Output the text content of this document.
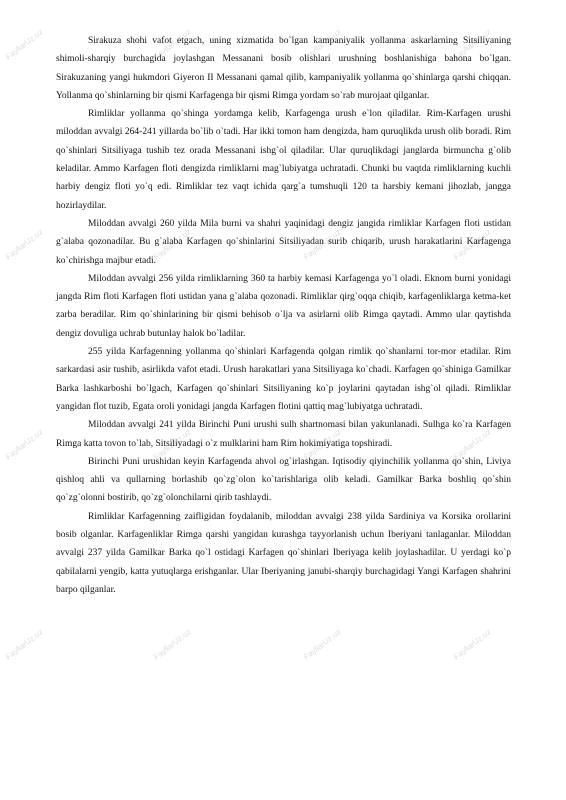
FayllarUz.uz	FayllarUz.uz	FayllarUz.uz	FayllarUz.uz
FayllarUz.uz	FayllarUz.uz	FayllarUz.uz	FayllarUz.uz
FayllarUz.uz	FayllarUz.uz	FayllarUz.uz	FayllarUz.uz
FayllarUz.uz	FayllarUz.uz	FayllarUz.uz	FayllarUz.uz

Sirakuza shohi vafot etgach, uning xizmatida bo`lgan kampaniyalik yollanma askarlarning Sitsiliyaning shimoli-sharqiy burchagida joylashgan Messanani bosib olishlari urushning boshlanishiga bahona bo`lgan. Sirakuzaning yangi hukmdori Giyeron II Messanani qamal qilib, kampaniyalik yollanma qo`shinlarga qarshi chiqqan. Yollanma qo`shinlarning bir qismi Karfagenga bir qismi Rimga yordam so`rab murojaat qilganlar.

Rimliklar yollanma qo`shinga yordamga kelib, Karfagenga urush e`lon qiladilar. Rim-Karfagen urushi miloddan avvalgi 264-241 yillarda bo`lib o`tadi. Har ikki tomon ham dengizda, ham quruqlikda urush olib boradi. Rim qo`shinlari Sitsiliyaga tushib tez orada Messanani ishg`ol qiladilar. Ular quruqlikdagi janglarda birmuncha g`olib keladilar. Ammo Karfagen floti dengizda rimliklarni mag`lubiyatga uchratadi. Chunki bu vaqtda rimliklarning kuchli harbiy dengiz floti yo`q edi. Rimliklar tez vaqt ichida qarg`a tumshuqli 120 ta harsbiy kemani jihozlab, jangga hozirlaydilar.

Miloddan avvalgi 260 yilda Mila burni va shahri yaqinidagi dengiz jangida rimliklar Karfagen floti ustidan g`alaba qozonadilar. Bu g`alaba Karfagen qo`shinlarini Sitsiliyadan surib chiqarib, urush harakatlarini Karfagenga ko`chirishga majbur etadi.

Miloddan avvalgi 256 yilda rimliklarning 360 ta harbiy kemasi Karfagenga yo`l oladi. Eknom burni yonidagi jangda Rim floti Karfagen floti ustidan yana g`alaba qozonadi. Rimliklar qirg`oqqa chiqib, karfagenliklarga ketma-ket zarba beradilar. Rim qo`shinlarining bir qismi behisob o`lja va asirlarni olib Rimga qaytadi. Ammo ular qaytishda dengiz dovuliga uchrab butunlay halok bo`ladilar.

255 yilda Karfagenning yollanma qo`shinlari Karfagenda qolgan rimlik qo`shanlarni tor-mor etadilar. Rim sarkardasi asir tushib, asirlikda vafot etadi. Urush harakatlari yana Sitsiliyaga ko`chadi. Karfagen qo`shiniga Gamilkar Barka lashkarboshi bo`lgach, Karfagen qo`shinlari Sitsiliyaning ko`p joylarini qaytadan ishg`ol qiladi. Rimliklar yangidan flot tuzib, Egata oroli yonidagi jangda Karfagen flotini qattiq mag`lubiyatga uchratadi.

Miloddan avvalgi 241 yilda Birinchi Puni urushi sulh shartnomasi bilan yakunlanadi. Sulhga ko`ra Karfagen Rimga katta tovon to`lab, Sitsiliyadagi o`z mulklarini ham Rim hokimiyatiga topshiradi.

Birinchi Puni urushidan keyin Karfagenda ahvol og`irlashgan. Iqtisodiy qiyinchilik yollanma qo`shin, Liviya qishloq ahli va qullarning borlashib qo`zg`olon ko`tarishlariga olib keladi. Gamilkar Barka boshliq qo`shin qo`zg`olonni bostirib, qo`zg`olonchilarni qirib tashlaydi.

Rimliklar Karfagenning zaifligidan foydalanib, miloddan avvalgi 238 yilda Sardiniya va Korsika orollarini bosib olganlar. Karfagenliklar Rimga qarshi yangidan kurashga tayyorlanish uchun Iberiyani tanlaganlar. Miloddan avvalgi 237 yilda Gamilkar Barka qo`l ostidagi Karfagen qo`shinlari Iberiyaga kelib joylashadilar. U yerdagi ko`p qabilalarni yengib, katta yutuqlarga erishganlar. Ular Iberiyaning janubi-sharqiy burchagidagi Yangi Karfagen shahrini barpo qilganlar.
